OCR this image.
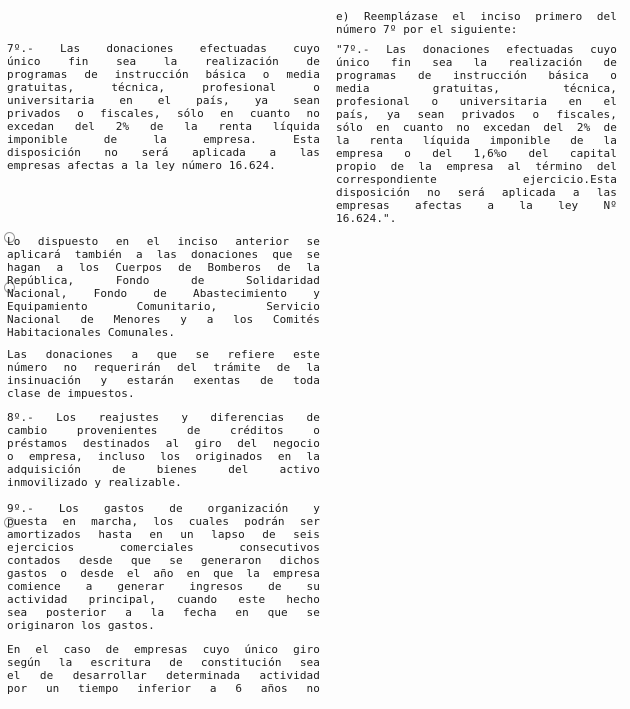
7º.- Las donaciones efectuadas cuyo
único fin sea la realización de
programas de instrucción básica o media
gratuitas, técnica, profesional o
universitaria en el país, ya sean
privados o fiscales, sólo en cuanto no
excedan del 2% de la renta líquida
imponible de la empresa. Esta
disposición no será aplicada a las
empresas afectas a la ley número 16.624.
Lo dispuesto en el inciso anterior se
aplicará también a las donaciones que se
hagan a los Cuerpos de Bomberos de la
República, Fondo de Solidaridad
Nacional, Fondo de Abastecimiento y
Equipamiento Comunitario, Servicio
Nacional de Menores y a los Comités
Habitacionales Comunales.
Las donaciones a que se refiere este
número no requerirán del trámite de la
insinuación y estarán exentas de toda
clase de impuestos.
8º.- Los reajustes y diferencias de
cambio provenientes de créditos o
préstamos destinados al giro del negocio
o empresa, incluso los originados en la
adquisición de bienes del activo
inmovilizado y realizable.
9º.- Los gastos de organización y
puesta en marcha, los cuales podrán ser
amortizados hasta en un lapso de seis
ejercicios comerciales consecutivos
contados desde que se generaron dichos
gastos o desde el año en que la empresa
comience a generar ingresos de su
actividad principal, cuando este hecho
sea posterior a la fecha en que se
originaron los gastos.
En el caso de empresas cuyo único giro
según la escritura de constitución sea
el de desarrollar determinada actividad
por un tiempo inferior a 6 años no
e) Reemplázase el inciso primero del
número 7º por el siguiente:
"7º.- Las donaciones efectuadas cuyo
único fin sea la realización de
programas de instrucción básica o
media gratuitas, técnica,
profesional o universitaria en el
país, ya sean privados o fiscales,
sólo en cuanto no excedan del 2% de
la renta líquida imponible de la
empresa o del 1,6%o del capital
propio de la empresa al término del
correspondiente ejercicio.Esta
disposición no será aplicada a las
empresas afectas a la ley Nº
16.624.".
